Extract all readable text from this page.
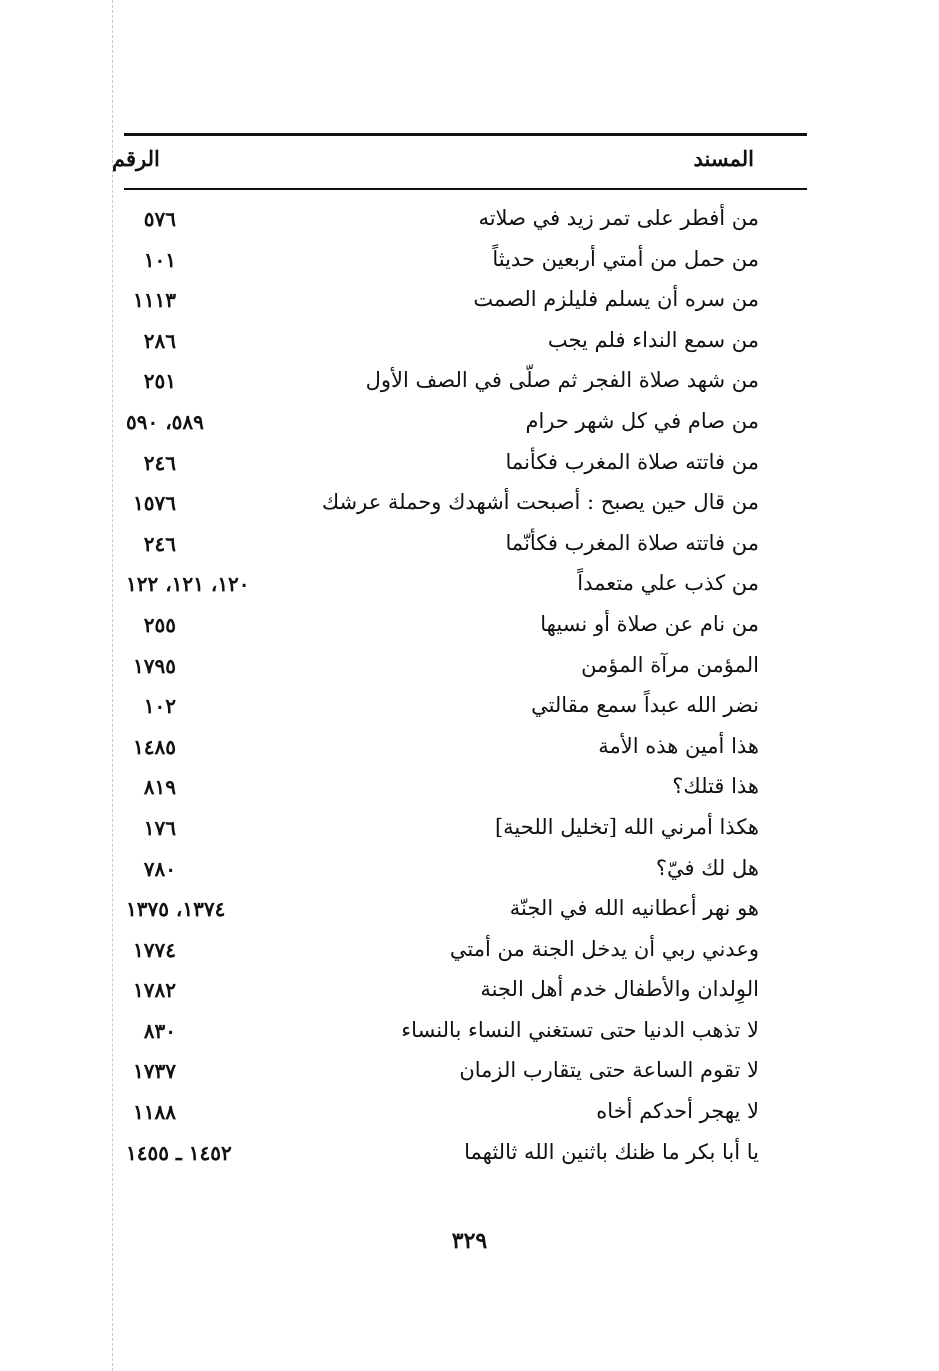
المسند
الرقم
من أفطر على تمر زيد في صلاته
٥٧٦
من حمل من أمتي أربعين حديثاً
١٠١
من سره أن يسلم فليلزم الصمت
١١١٣
من سمع النداء فلم يجب
٢٨٦
من شهد صلاة الفجر ثم صلّى في الصف الأول
٢٥١
من صام في كل شهر حرام
٥٨٩، ٥٩٠
من فاتته صلاة المغرب فكأنما
٢٤٦
من قال حين يصبح : أصبحت أشهدك وحملة عرشك
١٥٧٦
من فاتته صلاة المغرب فكأنّما
٢٤٦
من كذب علي متعمداً
١٢٠، ١٢١، ١٢٢
من نام عن صلاة أو نسيها
٢٥٥
المؤمن مرآة المؤمن
١٧٩٥
نضر الله عبداً سمع مقالتي
١٠٢
هذا أمين هذه الأمة
١٤٨٥
هذا قتلك؟
٨١٩
هكذا أمرني الله [تخليل اللحية]
١٧٦
هل لك فيّ؟
٧٨٠
هو نهر أعطانيه الله في الجنّة
١٣٧٤، ١٣٧٥
وعدني ربي أن يدخل الجنة من أمتي
١٧٧٤
الوِلدان والأطفال خدم أهل الجنة
١٧٨٢
لا تذهب الدنيا حتى تستغني النساء بالنساء
٨٣٠
لا تقوم الساعة حتى يتقارب الزمان
١٧٣٧
لا يهجر أحدكم أخاه
١١٨٨
يا أبا بكر ما ظنك باثنين الله ثالثهما
١٤٥٢ ـ ١٤٥٥
٣٢٩
